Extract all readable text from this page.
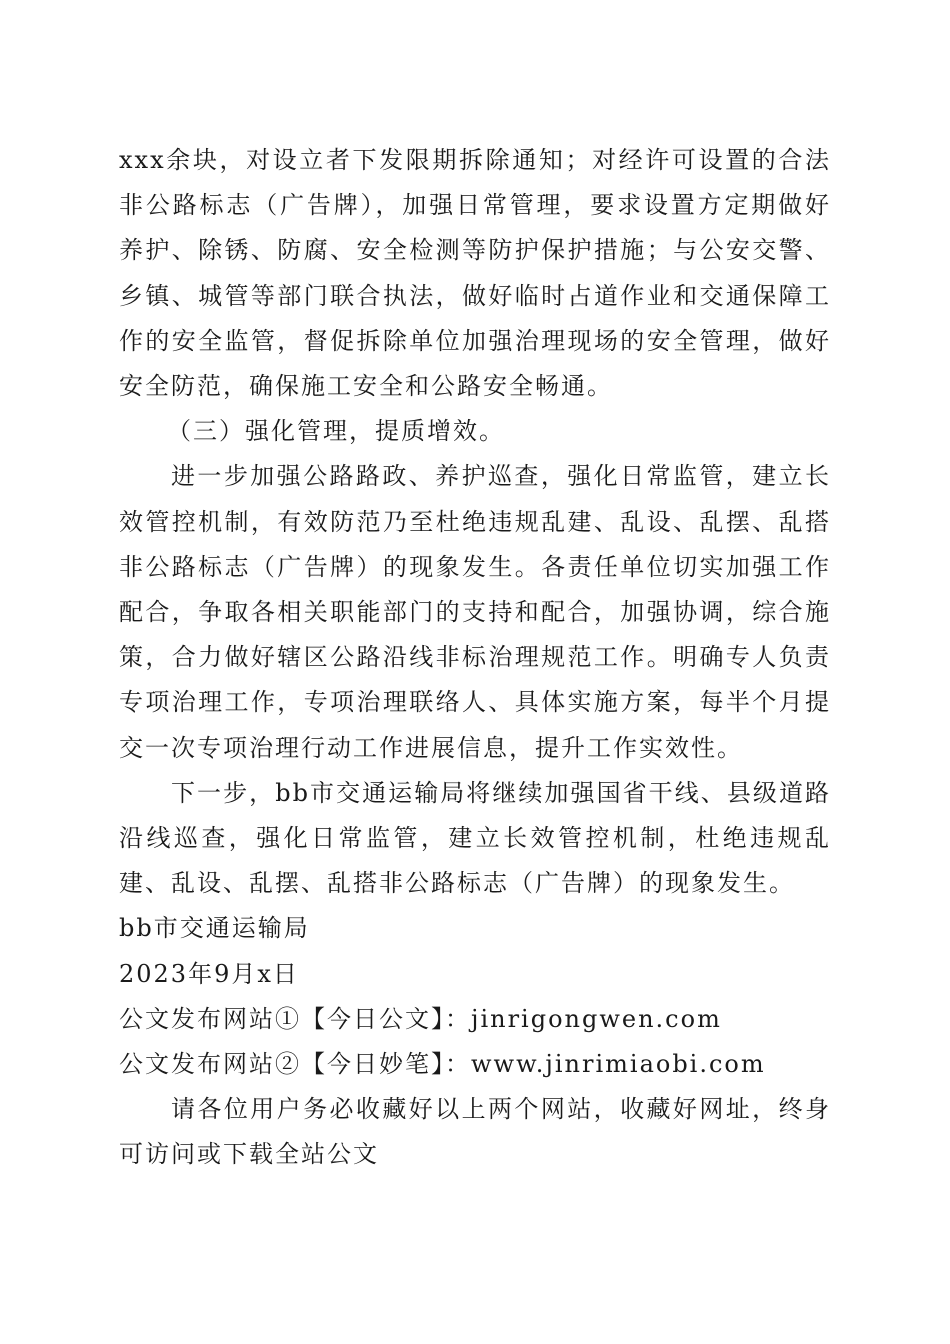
xxx余块，对设立者下发限期拆除通知；对经许可设置的合法非公路标志（广告牌），加强日常管理，要求设置方定期做好养护、除锈、防腐、安全检测等防护保护措施；与公安交警、乡镇、城管等部门联合执法，做好临时占道作业和交通保障工作的安全监管，督促拆除单位加强治理现场的安全管理，做好安全防范，确保施工安全和公路安全畅通。

（三）强化管理，提质增效。

进一步加强公路路政、养护巡查，强化日常监管，建立长效管控机制，有效防范乃至杜绝违规乱建、乱设、乱摆、乱搭非公路标志（广告牌）的现象发生。各责任单位切实加强工作配合，争取各相关职能部门的支持和配合，加强协调，综合施策，合力做好辖区公路沿线非标治理规范工作。明确专人负责专项治理工作，专项治理联络人、具体实施方案，每半个月提交一次专项治理行动工作进展信息，提升工作实效性。

下一步，bb市交通运输局将继续加强国省干线、县级道路沿线巡查，强化日常监管，建立长效管控机制，杜绝违规乱建、乱设、乱摆、乱搭非公路标志（广告牌）的现象发生。

bb市交通运输局

2023年9月x日

公文发布网站①【今日公文】：jinrigongwen.com

公文发布网站②【今日妙笔】：www.jinrimiaobi.com

请各位用户务必收藏好以上两个网站，收藏好网址，终身可访问或下载全站公文
